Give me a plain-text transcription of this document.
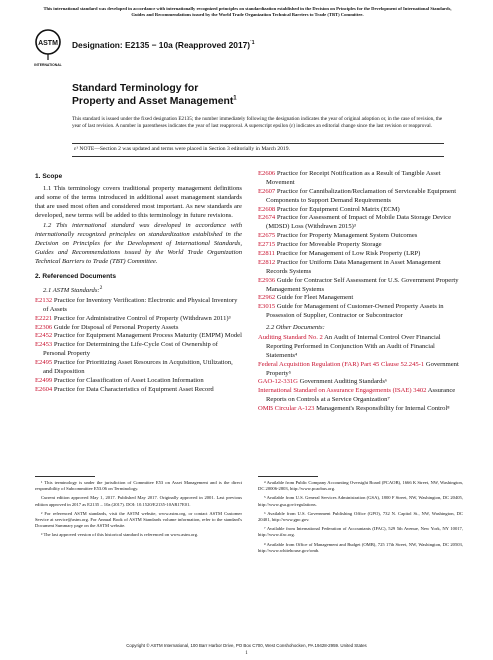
This international standard was developed in accordance with internationally recognized principles on standardization established in the Decision on Principles for the Development of International Standards, Guides and Recommendations issued by the World Trade Organization Technical Barriers to Trade (TBT) Committee.
ASTM
INTERNATIONAL
Designation: E2135 − 10a (Reapproved 2017)$^{´1}$
Standard Terminology for
Property and Asset Management$^1$
This standard is issued under the fixed designation E2135; the number immediately following the designation indicates the year of original adoption or, in the case of revision, the year of last revision. A number in parentheses indicates the year of last reapproval. A superscript epsilon (ε) indicates an editorial change since the last revision or reapproval.
ε¹ NOTE—Section 2 was updated and terms were placed in Section 3 editorially in March 2019.
1. Scope

1.1 This terminology covers traditional property management definitions and some of the terms introduced in additional asset management standards that are used most often and considered most important. As new standards are developed, new terms will be added to this terminology in future revisions.

1.2 This international standard was developed in accordance with internationally recognized principles on standardization established in the Decision on Principles for the Development of International Standards, Guides and Recommendations issued by the World Trade Organization Technical Barriers to Trade (TBT) Committee.

2. Referenced Documents
2.1 ASTM Standards:$^2$
E2132 Practice for Inventory Verification: Electronic and Physical Inventory of Assets
E2221 Practice for Administrative Control of Property (Withdrawn 2011)³
E2306 Guide for Disposal of Personal Property Assets
E2452 Practice for Equipment Management Process Maturity (EMPM) Model
E2453 Practice for Determining the Life-Cycle Cost of Ownership of Personal Property
E2495 Practice for Prioritizing Asset Resources in Acquisition, Utilization, and Disposition
E2499 Practice for Classification of Asset Location Information
E2604 Practice for Data Characteristics of Equipment Asset Record
E2606 Practice for Receipt Notification as a Result of Tangible Asset Movement
E2607 Practice for Cannibalization/Reclamation of Serviceable Equipment Components to Support Demand Requirements
E2608 Practice for Equipment Control Matrix (ECM)
E2674 Practice for Assessment of Impact of Mobile Data Storage Device (MDSD) Loss (Withdrawn 2015)³
E2675 Practice for Property Management System Outcomes
E2715 Practice for Moveable Property Storage
E2811 Practice for Management of Low Risk Property (LRP)
E2812 Practice for Uniform Data Management in Asset Management Records Systems
E2936 Guide for Contractor Self Assessment for U.S. Government Property Management Systems
E2962 Guide for Fleet Management
E3015 Guide for Management of Customer-Owned Property Assets in Possession of Supplier, Contractor or Subcontractor
2.2 Other Documents:
Auditing Standard No. 2 An Audit of Internal Control Over Financial Reporting Performed in Conjunction With an Audit of Financial Statements⁴
Federal Acquisition Regulation (FAR) Part 45 Clause 52.245-1 Government Property⁵
GAO-12-331G Government Auditing Standards⁶
International Standard on Assurance Engagements (ISAE) 3402 Assurance Reports on Controls at a Service Organization⁷
OMB Circular A-123 Management's Responsibility for Internal Control⁸

¹ This terminology is under the jurisdiction of Committee E53 on Asset Management and is the direct responsibility of Subcommittee E53.06 on Terminology.

Current edition approved May 1, 2017. Published May 2017. Originally approved in 2001. Last previous edition approved in 2017 as E2135 – 10a (2017). DOI: 10.1520/E2135-10AR17E01.

² For referenced ASTM standards, visit the ASTM website, www.astm.org, or contact ASTM Customer Service at service@astm.org. For Annual Book of ASTM Standards volume information, refer to the standard's Document Summary page on the ASTM website.

³ The last approved version of this historical standard is referenced on www.astm.org.

⁴ Available from Public Company Accounting Oversight Board (PCAOB), 1666 K Street, NW, Washington, DC 20006-2803, http://www.pcaobus.org.

⁵ Available from U.S. General Services Administration (GSA), 1800 F Street, NW, Washington, DC 20405, http://www.gsa.gov/regulations.

⁶ Available from U.S. Government Publishing Office (GPO), 732 N. Capitol St., NW, Washington, DC 20401, http://www.gpo.gov.

⁷ Available from International Federation of Accountants (IFAC), 529 5th Avenue, New York, NY 10017, http://www.ifac.org.

⁸ Available from Office of Management and Budget (OMB), 725 17th Street, NW, Washington, DC 20503, http://www.whitehouse.gov/omb.

Copyright © ASTM International, 100 Barr Harbor Drive, PO Box C700, West Conshohocken, PA 19428-2959. United States
1
